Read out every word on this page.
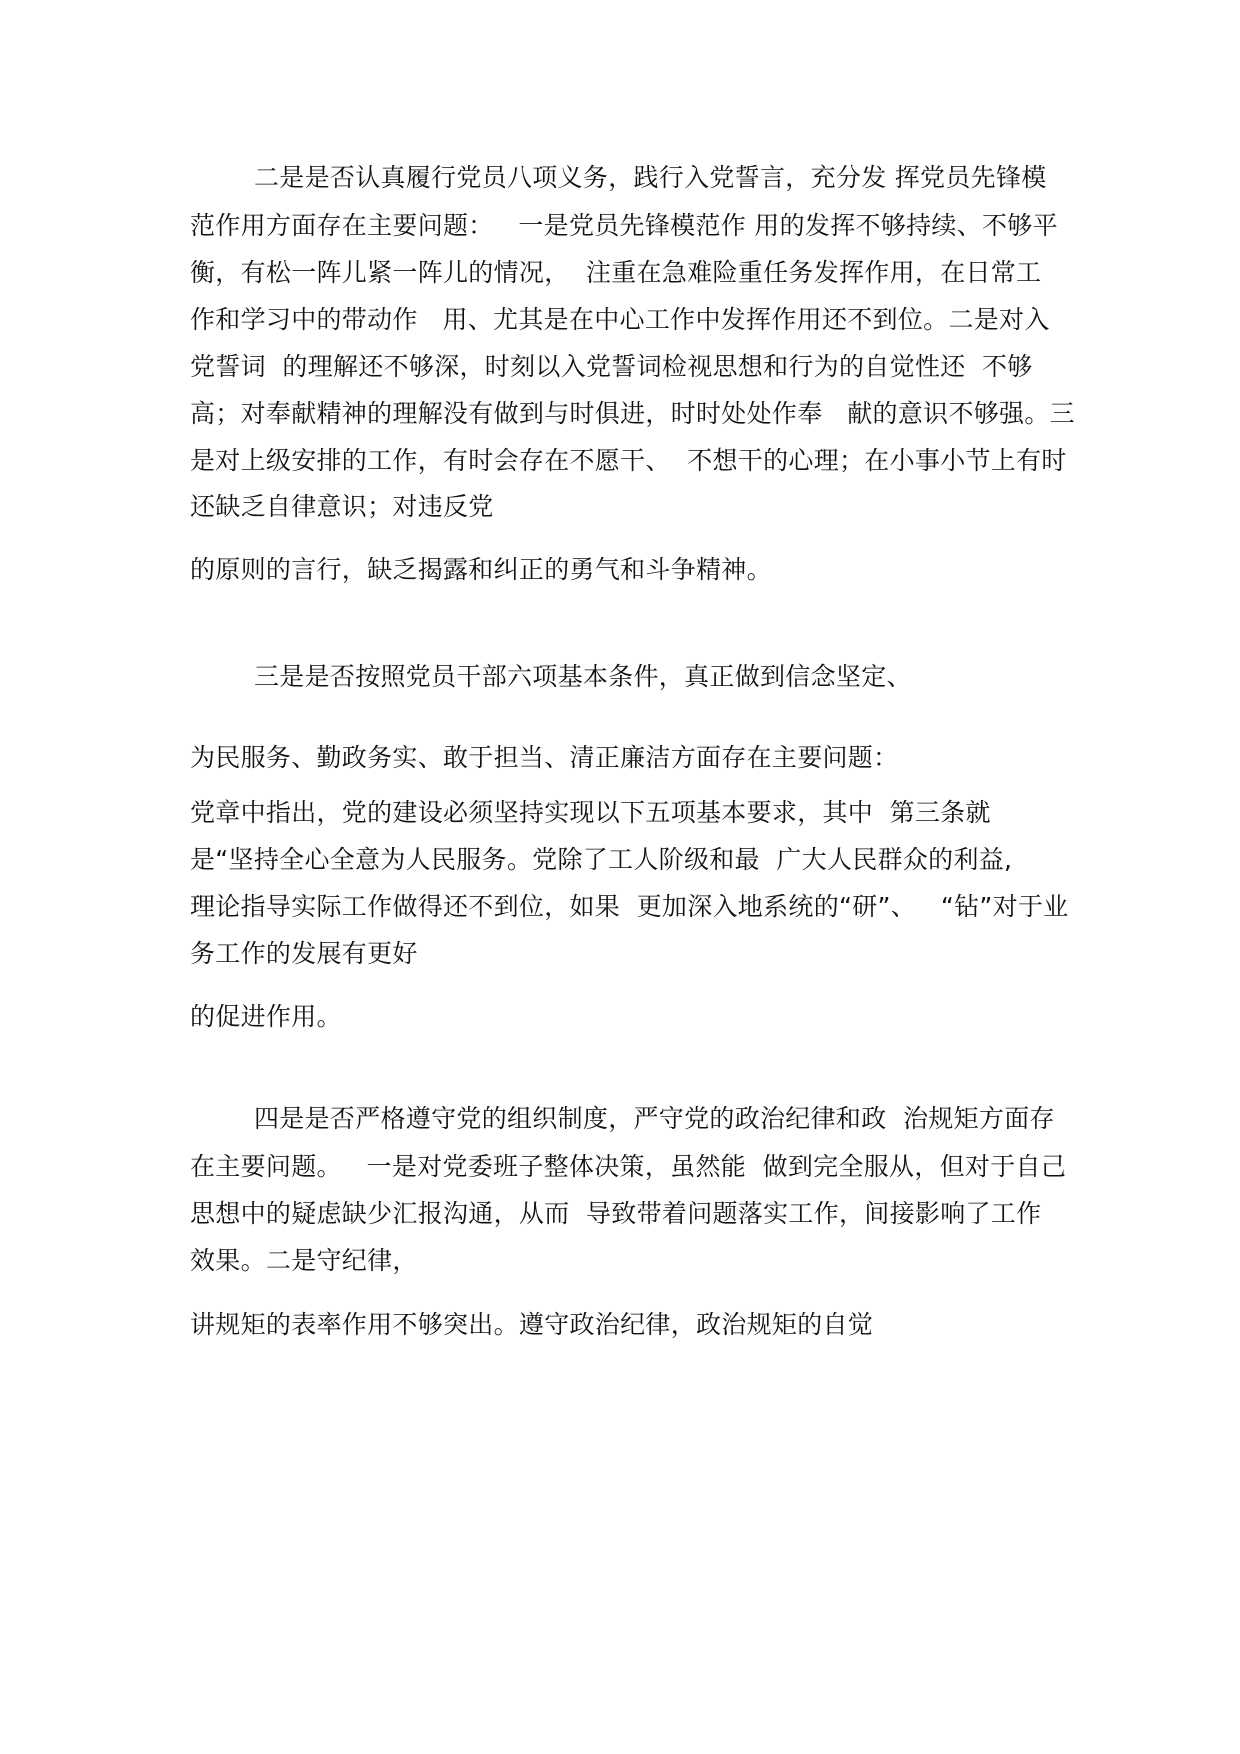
二是是否认真履行党员八项义务，践行入党誓言，充分发 挥党员先锋模

范作用方面存在主要问题：   一是党员先锋模范作 用的发挥不够持续、不够平

衡，有松一阵儿紧一阵儿的情况，  注重在急难险重任务发挥作用，在日常工

作和学习中的带动作   用、尤其是在中心工作中发挥作用还不到位。二是对入

党誓词  的理解还不够深，时刻以入党誓词检视思想和行为的自觉性还  不够

高；对奉献精神的理解没有做到与时俱进，时时处处作奉   献的意识不够强。三

是对上级安排的工作，有时会存在不愿干、  不想干的心理；在小事小节上有时

还缺乏自律意识；对违反党

的原则的言行，缺乏揭露和纠正的勇气和斗争精神。

三是是否按照党员干部六项基本条件，真正做到信念坚定、

为民服务、勤政务实、敢于担当、清正廉洁方面存在主要问题：

党章中指出，党的建设必须坚持实现以下五项基本要求，其中  第三条就

是“坚持全心全意为人民服务。党除了工人阶级和最  广大人民群众的利益,

理论指导实际工作做得还不到位，如果  更加深入地系统的“研”、   “钻”对于业

务工作的发展有更好

的促进作用。

四是是否严格遵守党的组织制度，严守党的政治纪律和政  治规矩方面存

在主要问题。   一是对党委班子整体决策，虽然能  做到完全服从，但对于自己

思想中的疑虑缺少汇报沟通，从而  导致带着问题落实工作，间接影响了工作

效果。二是守纪律，

讲规矩的表率作用不够突出。遵守政治纪律，政治规矩的自觉
